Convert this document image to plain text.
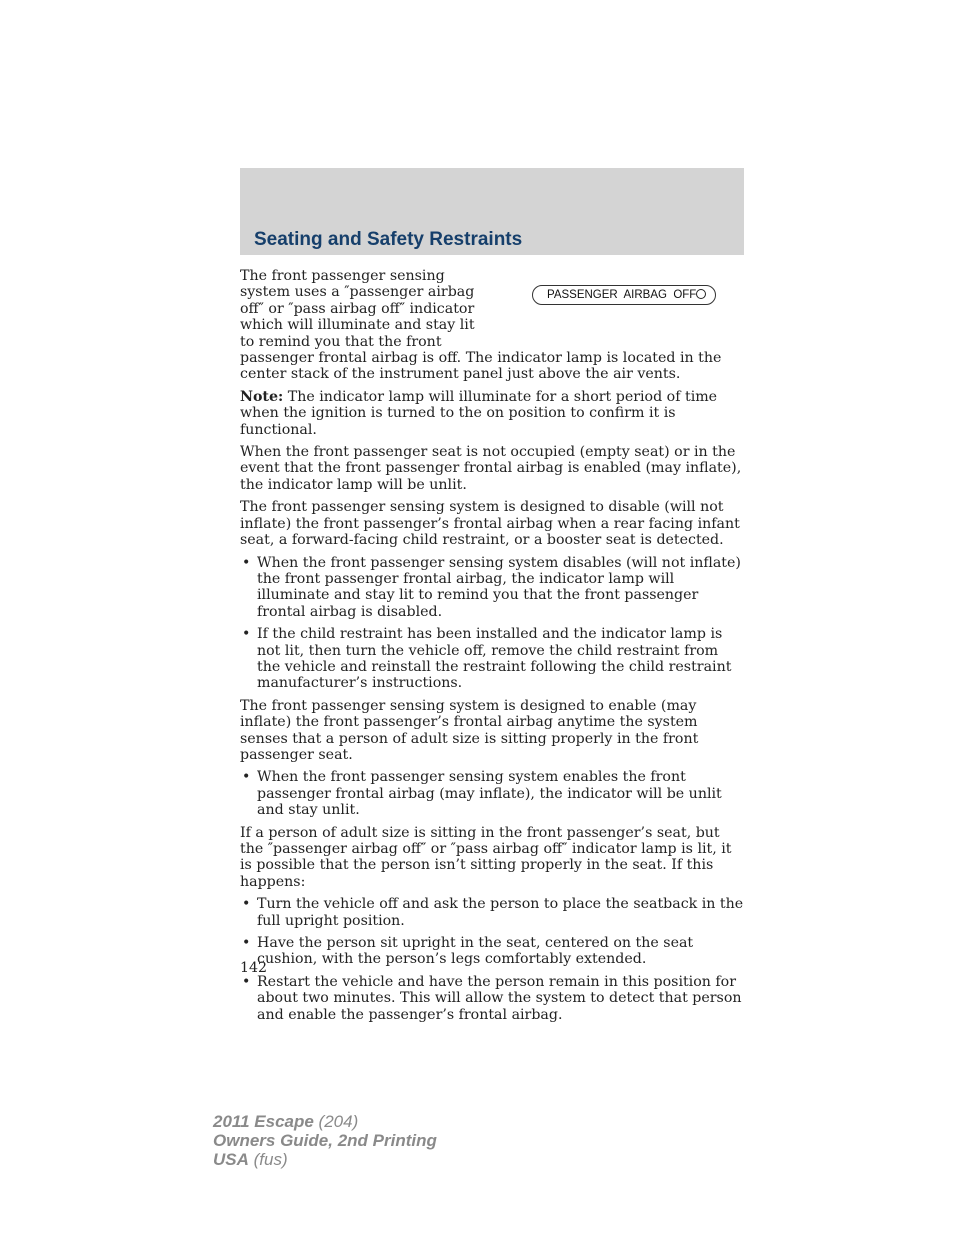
Seating and Safety Restraints
PASSENGER  AIRBAG  OFF

The front passenger sensing system uses a ″passenger airbag off″ or ″pass airbag off″ indicator which will illuminate and stay lit to remind you that the front passenger frontal airbag is off. The indicator lamp is located in the center stack of the instrument panel just above the air vents.

Note: The indicator lamp will illuminate for a short period of time when the ignition is turned to the on position to confirm it is functional.

When the front passenger seat is not occupied (empty seat) or in the event that the front passenger frontal airbag is enabled (may inflate), the indicator lamp will be unlit.

The front passenger sensing system is designed to disable (will not inflate) the front passenger’s frontal airbag when a rear facing infant seat, a forward-facing child restraint, or a booster seat is detected.

• When the front passenger sensing system disables (will not inflate) the front passenger frontal airbag, the indicator lamp will illuminate and stay lit to remind you that the front passenger frontal airbag is disabled.
• If the child restraint has been installed and the indicator lamp is not lit, then turn the vehicle off, remove the child restraint from the vehicle and reinstall the restraint following the child restraint manufacturer’s instructions.

The front passenger sensing system is designed to enable (may inflate) the front passenger’s frontal airbag anytime the system senses that a person of adult size is sitting properly in the front passenger seat.

• When the front passenger sensing system enables the front passenger frontal airbag (may inflate), the indicator will be unlit and stay unlit.

If a person of adult size is sitting in the front passenger’s seat, but the ″passenger airbag off″ or ″pass airbag off″ indicator lamp is lit, it is possible that the person isn’t sitting properly in the seat. If this happens:

• Turn the vehicle off and ask the person to place the seatback in the full upright position.
• Have the person sit upright in the seat, centered on the seat cushion, with the person’s legs comfortably extended.
• Restart the vehicle and have the person remain in this position for about two minutes. This will allow the system to detect that person and enable the passenger’s frontal airbag.
142
2011 Escape (204)
Owners Guide, 2nd Printing
USA (fus)
